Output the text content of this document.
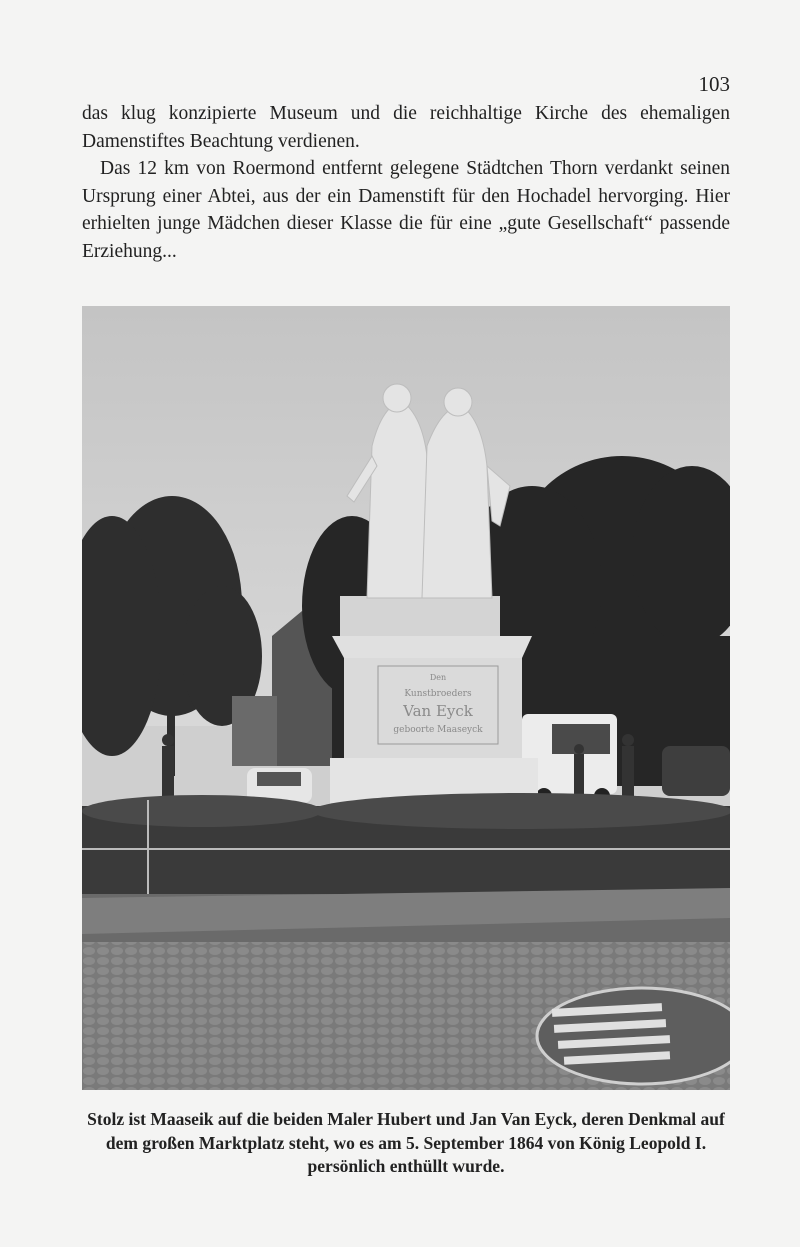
103

das klug konzipierte Museum und die reichhaltige Kirche des ehemaligen Damenstiftes Beachtung verdienen.

Das 12 km von Roermond entfernt gelegene Städtchen Thorn verdankt seinen Ursprung einer Abtei, aus der ein Damenstift für den Hochadel hervorging. Hier erhielten junge Mädchen dieser Klasse die für eine „gute Gesellschaft“ passende Erziehung...

Den
Kunstbroeders
Van Eyck
geboorte Maaseyck

Stolz ist Maaseik auf die beiden Maler Hubert und Jan Van Eyck, deren Denkmal auf dem großen Marktplatz steht, wo es am 5. September 1864 von König Leopold I. persönlich enthüllt wurde.
